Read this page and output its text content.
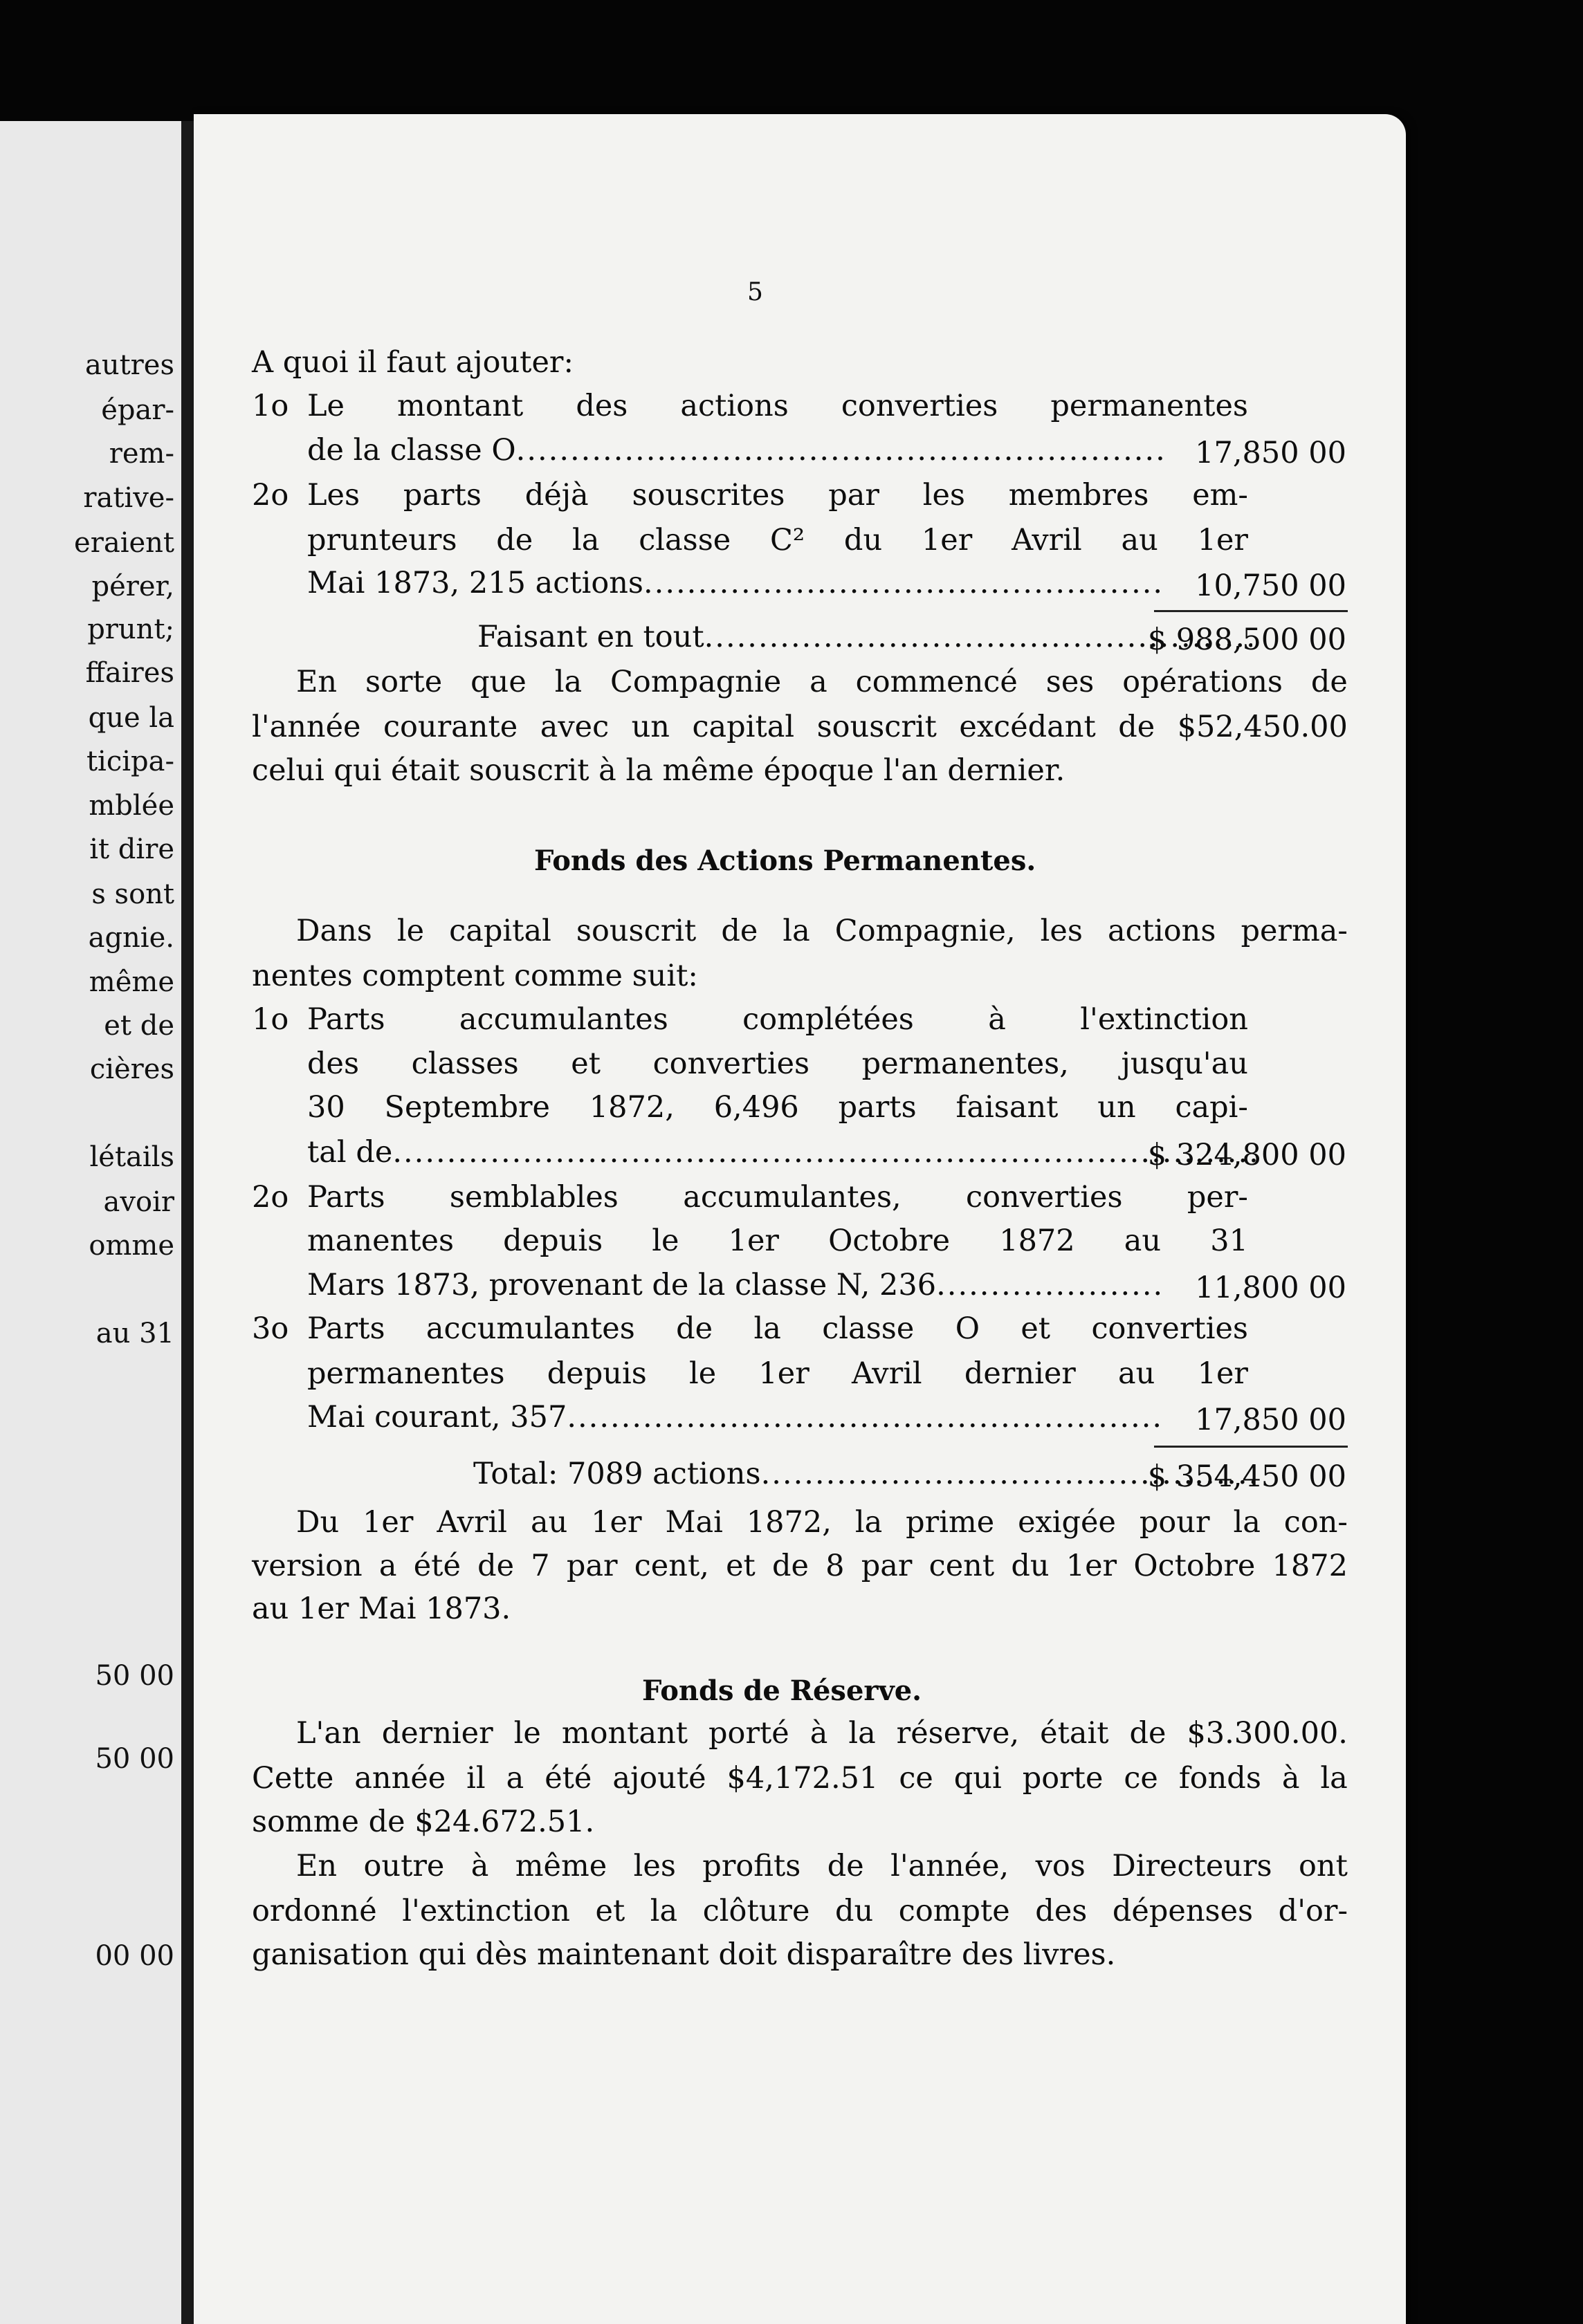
autres
épar-
rem-
rative-
eraient
pérer,
prunt;
ffaires
que la
ticipa-
mblée
it dire
s sont
agnie.
même
et de
cières
létails
avoir
omme
au 31
50 00
50 00
00 00
5
A quoi il faut ajouter:
1o Le montant des actions converties permanentes
de la classe O .....	17,850 00
2o Les parts déjà souscrites par les membres em-
prunteurs de la classe C² du 1er Avril au 1er
Mai 1873, 215 actions .....	10,750 00
Faisant en tout .....	$ 988,500 00
En sorte que la Compagnie a commencé ses opérations de
l'année courante avec un capital souscrit excédant de $52,450.00
celui qui était souscrit à la même époque l'an dernier.
Fonds des Actions Permanentes.
Dans le capital souscrit de la Compagnie, les actions perma-
nentes comptent comme suit:
1o Parts accumulantes complétées à l'extinction
des classes et converties permanentes, jusqu'au
30 Septembre 1872, 6,496 parts faisant un capi-
tal de .....	$ 324,800 00
2o Parts semblables accumulantes, converties per-
manentes depuis le 1er Octobre 1872 au 31
Mars 1873, provenant de la classe N, 236 .....	11,800 00
3o Parts accumulantes de la classe O et converties
permanentes depuis le 1er Avril dernier au 1er
Mai courant, 357 .....	17,850 00
Total: 7089 actions .....	$ 354,450 00
Du 1er Avril au 1er Mai 1872, la prime exigée pour la con-
version a été de 7 par cent, et de 8 par cent du 1er Octobre 1872
au 1er Mai 1873.
Fonds de Réserve.
L'an dernier le montant porté à la réserve, était de $3.300.00.
Cette année il a été ajouté $4,172.51 ce qui porte ce fonds à la
somme de $24.672.51.
En outre à même les profits de l'année, vos Directeurs ont
ordonné l'extinction et la clôture du compte des dépenses d'or-
ganisation qui dès maintenant doit disparaître des livres.
